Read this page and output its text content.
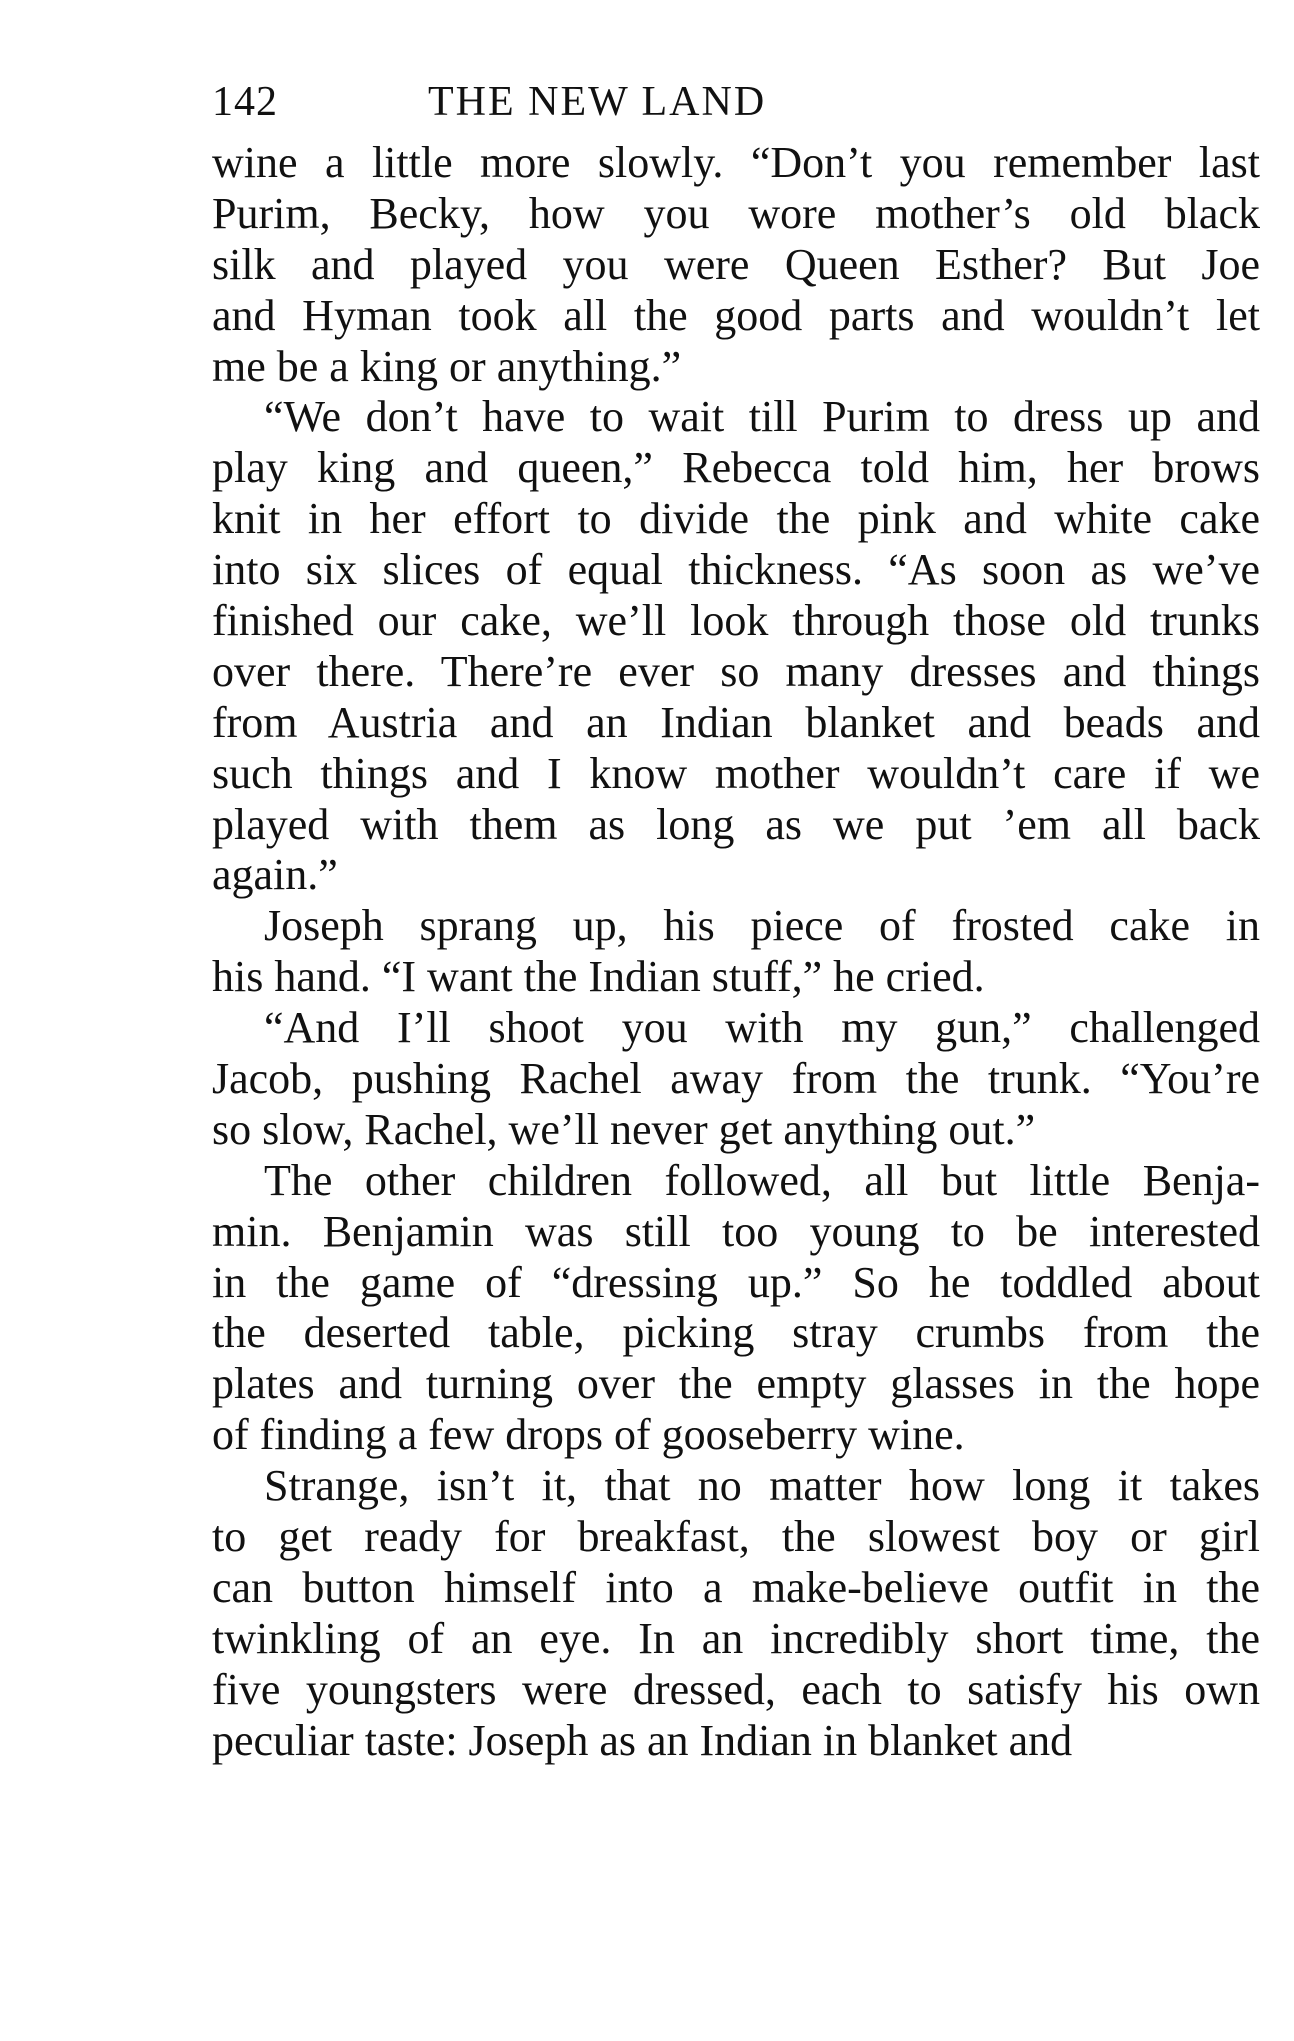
142	THE NEW LAND
wine a little more slowly. “Don’t you remember last
Purim, Becky, how you wore mother’s old black
silk and played you were Queen Esther? But Joe
and Hyman took all the good parts and wouldn’t let
me be a king or anything.”
“We don’t have to wait till Purim to dress up and
play king and queen,” Rebecca told him, her brows
knit in her effort to divide the pink and white cake
into six slices of equal thickness. “As soon as we’ve
finished our cake, we’ll look through those old trunks
over there. There’re ever so many dresses and things
from Austria and an Indian blanket and beads and
such things and I know mother wouldn’t care if we
played with them as long as we put ’em all back
again.”
Joseph sprang up, his piece of frosted cake in
his hand. “I want the Indian stuff,” he cried.
“And I’ll shoot you with my gun,” challenged
Jacob, pushing Rachel away from the trunk. “You’re
so slow, Rachel, we’ll never get anything out.”
The other children followed, all but little Benja-
min. Benjamin was still too young to be interested
in the game of “dressing up.” So he toddled about
the deserted table, picking stray crumbs from the
plates and turning over the empty glasses in the hope
of finding a few drops of gooseberry wine.
Strange, isn’t it, that no matter how long it takes
to get ready for breakfast, the slowest boy or girl
can button himself into a make-believe outfit in the
twinkling of an eye. In an incredibly short time, the
five youngsters were dressed, each to satisfy his own
peculiar taste: Joseph as an Indian in blanket and
